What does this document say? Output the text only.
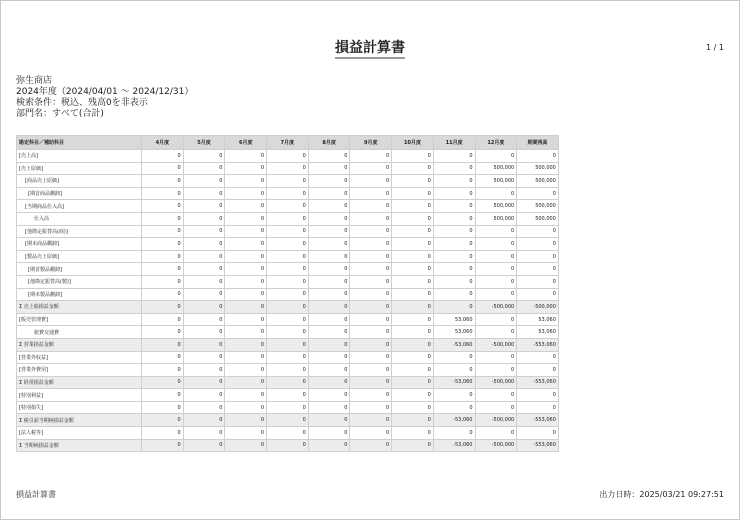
損益計算書	1 / 1
弥生商店
2024年度（2024/04/01 ～ 2024/12/31）
検索条件：税込、残高0を非表示
部門名：すべて(合計)
勘定科目／補助科目	4月度	5月度	6月度	7月度	8月度	9月度	10月度	11月度	12月度	期間残高
[売上高]	0	0	0	0	0	0	0	0	0	0
[売上原価]	0	0	0	0	0	0	0	0	500,000	500,000
[商品売上原価]	0	0	0	0	0	0	0	0	500,000	500,000
[期首商品棚卸]	0	0	0	0	0	0	0	0	0	0
[当期商品仕入高]	0	0	0	0	0	0	0	0	500,000	500,000
仕入高	0	0	0	0	0	0	0	0	500,000	500,000
[他勘定振替高(商)]	0	0	0	0	0	0	0	0	0	0
[期末商品棚卸]	0	0	0	0	0	0	0	0	0	0
[製品売上原価]	0	0	0	0	0	0	0	0	0	0
[期首製品棚卸]	0	0	0	0	0	0	0	0	0	0
[他勘定振替高(製)]	0	0	0	0	0	0	0	0	0	0
[期末製品棚卸]	0	0	0	0	0	0	0	0	0	0
Σ 売上総損益金額	0	0	0	0	0	0	0	0	-500,000	-500,000
[販売管理費]	0	0	0	0	0	0	0	53,060	0	53,060
旅費交通費	0	0	0	0	0	0	0	53,060	0	53,060
Σ 営業損益金額	0	0	0	0	0	0	0	-53,060	-500,000	-553,060
[営業外収益]	0	0	0	0	0	0	0	0	0	0
[営業外費用]	0	0	0	0	0	0	0	0	0	0
Σ 経常損益金額	0	0	0	0	0	0	0	-53,060	-500,000	-553,060
[特別利益]	0	0	0	0	0	0	0	0	0	0
[特別損失]	0	0	0	0	0	0	0	0	0	0
Σ 税引前当期純損益金額	0	0	0	0	0	0	0	-53,060	-500,000	-553,060
[法人税等]	0	0	0	0	0	0	0	0	0	0
Σ 当期純損益金額	0	0	0	0	0	0	0	-53,060	-500,000	-553,060
損益計算書	出力日時：2025/03/21 09:27:51
